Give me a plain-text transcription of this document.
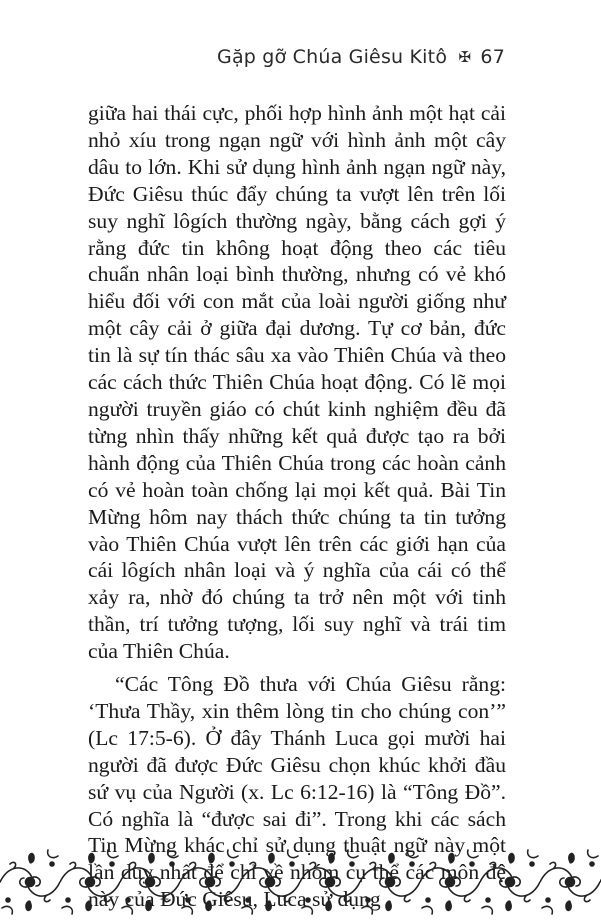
Gặp gỡ Chúa Giêsu Kitô ✠ 67

giữa hai thái cực, phối hợp hình ảnh một hạt cải nhỏ xíu trong ngạn ngữ với hình ảnh một cây dâu to lớn. Khi sử dụng hình ảnh ngạn ngữ này, Đức Giêsu thúc đẩy chúng ta vượt lên trên lối suy nghĩ lôgích thường ngày, bằng cách gợi ý rằng đức tin không hoạt động theo các tiêu chuẩn nhân loại bình thường, nhưng có vẻ khó hiểu đối với con mắt của loài người giống như một cây cải ở giữa đại dương. Tự cơ bản, đức tin là sự tín thác sâu xa vào Thiên Chúa và theo các cách thức Thiên Chúa hoạt động. Có lẽ mọi người truyền giáo có chút kinh nghiệm đều đã từng nhìn thấy những kết quả được tạo ra bởi hành động của Thiên Chúa trong các hoàn cảnh có vẻ hoàn toàn chống lại mọi kết quả. Bài Tin Mừng hôm nay thách thức chúng ta tin tưởng vào Thiên Chúa vượt lên trên các giới hạn của cái lôgích nhân loại và ý nghĩa của cái có thể xảy ra, nhờ đó chúng ta trở nên một với tinh thần, trí tưởng tượng, lối suy nghĩ và trái tim của Thiên Chúa.

“Các Tông Đồ thưa với Chúa Giêsu rằng: ‘Thưa Thầy, xin thêm lòng tin cho chúng con’” (Lc 17:5-6). Ở đây Thánh Luca gọi mười hai người đã được Đức Giêsu chọn khúc khởi đầu sứ vụ của Người (x. Lc 6:12-16) là “Tông Đồ”. Có nghĩa là “được sai đi”. Trong khi các sách
